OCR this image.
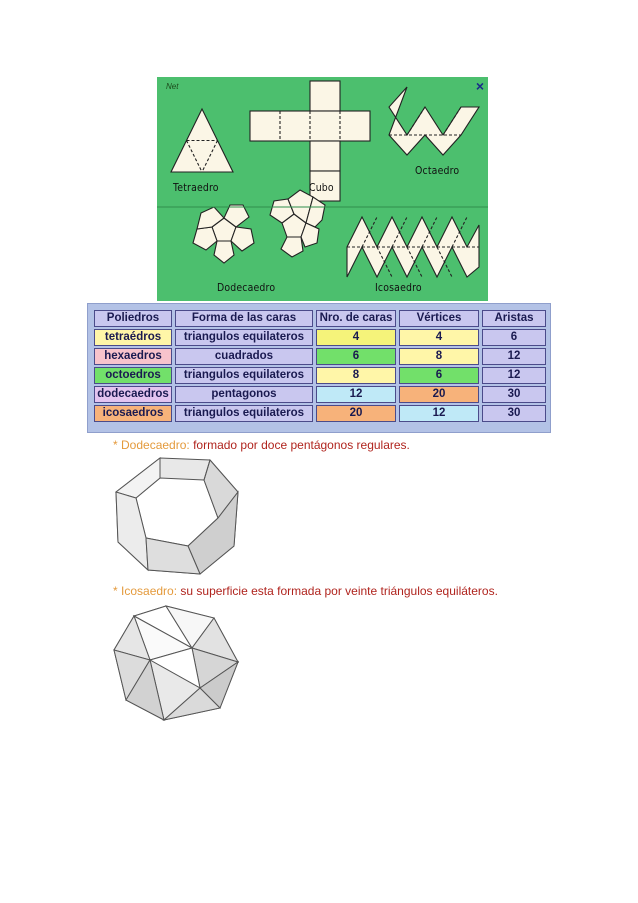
Net	×
Tetraedro	Cubo
Octaedro
Dodecaedro	Icosaedro
Poliedros	Forma de las caras	Nro. de caras	Vértices	Aristas
tetraédros	triangulos equilateros	4	4	6
hexaedros	cuadrados	6	8	12
octoedros	triangulos equilateros	8	6	12
dodecaedros	pentagonos	12	20	30
icosaedros	triangulos equilateros	20	12	30
* Dodecaedro: formado por doce pentágonos regulares.
* Icosaedro: su superficie esta formada por veinte triángulos equiláteros.
